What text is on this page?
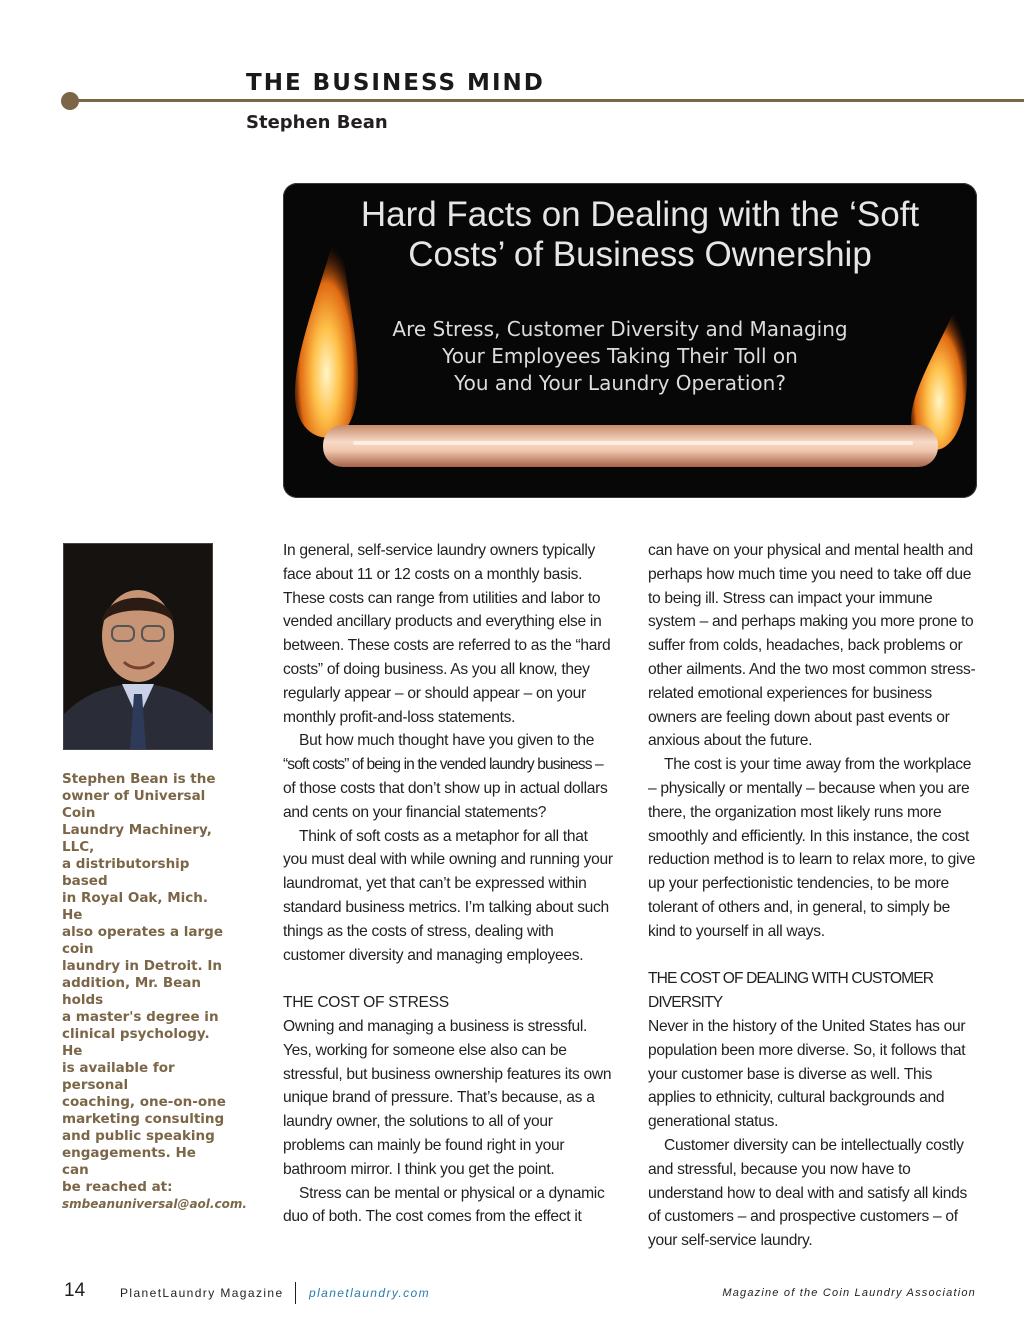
THE BUSINESS MIND
Stephen Bean
Hard Facts on Dealing with the ‘Soft
Costs’ of Business Ownership
Are Stress, Customer Diversity and Managing
Your Employees Taking Their Toll on
You and Your Laundry Operation?
Stephen Bean is the
owner of Universal Coin
Laundry Machinery, LLC,
a distributorship based
in Royal Oak, Mich. He
also operates a large coin
laundry in Detroit. In
addition, Mr. Bean holds
a master's degree in
clinical psychology. He
is available for personal
coaching, one-on-one
marketing consulting
and public speaking
engagements. He can
be reached at:
smbeanuniversal@aol.com.

In general, self-service laundry owners typically face about 11 or 12 costs on a monthly basis. These costs can range from utilities and labor to vended ancillary products and everything else in between. These costs are referred to as the “hard costs” of doing business. As you all know, they regularly appear – or should appear – on your monthly profit-and-loss statements.

But how much thought have you given to the
“soft costs” of being in the vended laundry business – of those costs that don’t show up in actual dollars and cents on your financial statements?

Think of soft costs as a metaphor for all that you must deal with while owning and running your laundromat, yet that can’t be expressed within standard business metrics. I’m talking about such things as the costs of stress, dealing with customer diversity and managing employees.

THE COST OF STRESS

Owning and managing a business is stressful. Yes, working for someone else also can be stressful, but business ownership features its own unique brand of pressure. That’s because, as a laundry owner, the solutions to all of your problems can mainly be found right in your bathroom mirror. I think you get the point.

Stress can be mental or physical or a dynamic duo of both. The cost comes from the effect it

can have on your physical and mental health and perhaps how much time you need to take off due to being ill. Stress can impact your immune system – and perhaps making you more prone to suffer from colds, headaches, back problems or other ailments. And the two most common stress-related emotional experiences for business owners are feeling down about past events or anxious about the future.

The cost is your time away from the workplace – physically or mentally – because when you are there, the organization most likely runs more smoothly and efficiently. In this instance, the cost reduction method is to learn to relax more, to give up your perfectionistic tendencies, to be more tolerant of others and, in general, to simply be kind to yourself in all ways.

THE COST OF DEALING WITH CUSTOMER DIVERSITY

Never in the history of the United States has our population been more diverse. So, it follows that your customer base is diverse as well. This applies to ethnicity, cultural backgrounds and generational status.

Customer diversity can be intellectually costly and stressful, because you now have to understand how to deal with and satisfy all kinds of customers – and prospective customers – of your self-service laundry.

14	PlanetLaundry Magazine planetlaundry.com	Magazine of the Coin Laundry Association
